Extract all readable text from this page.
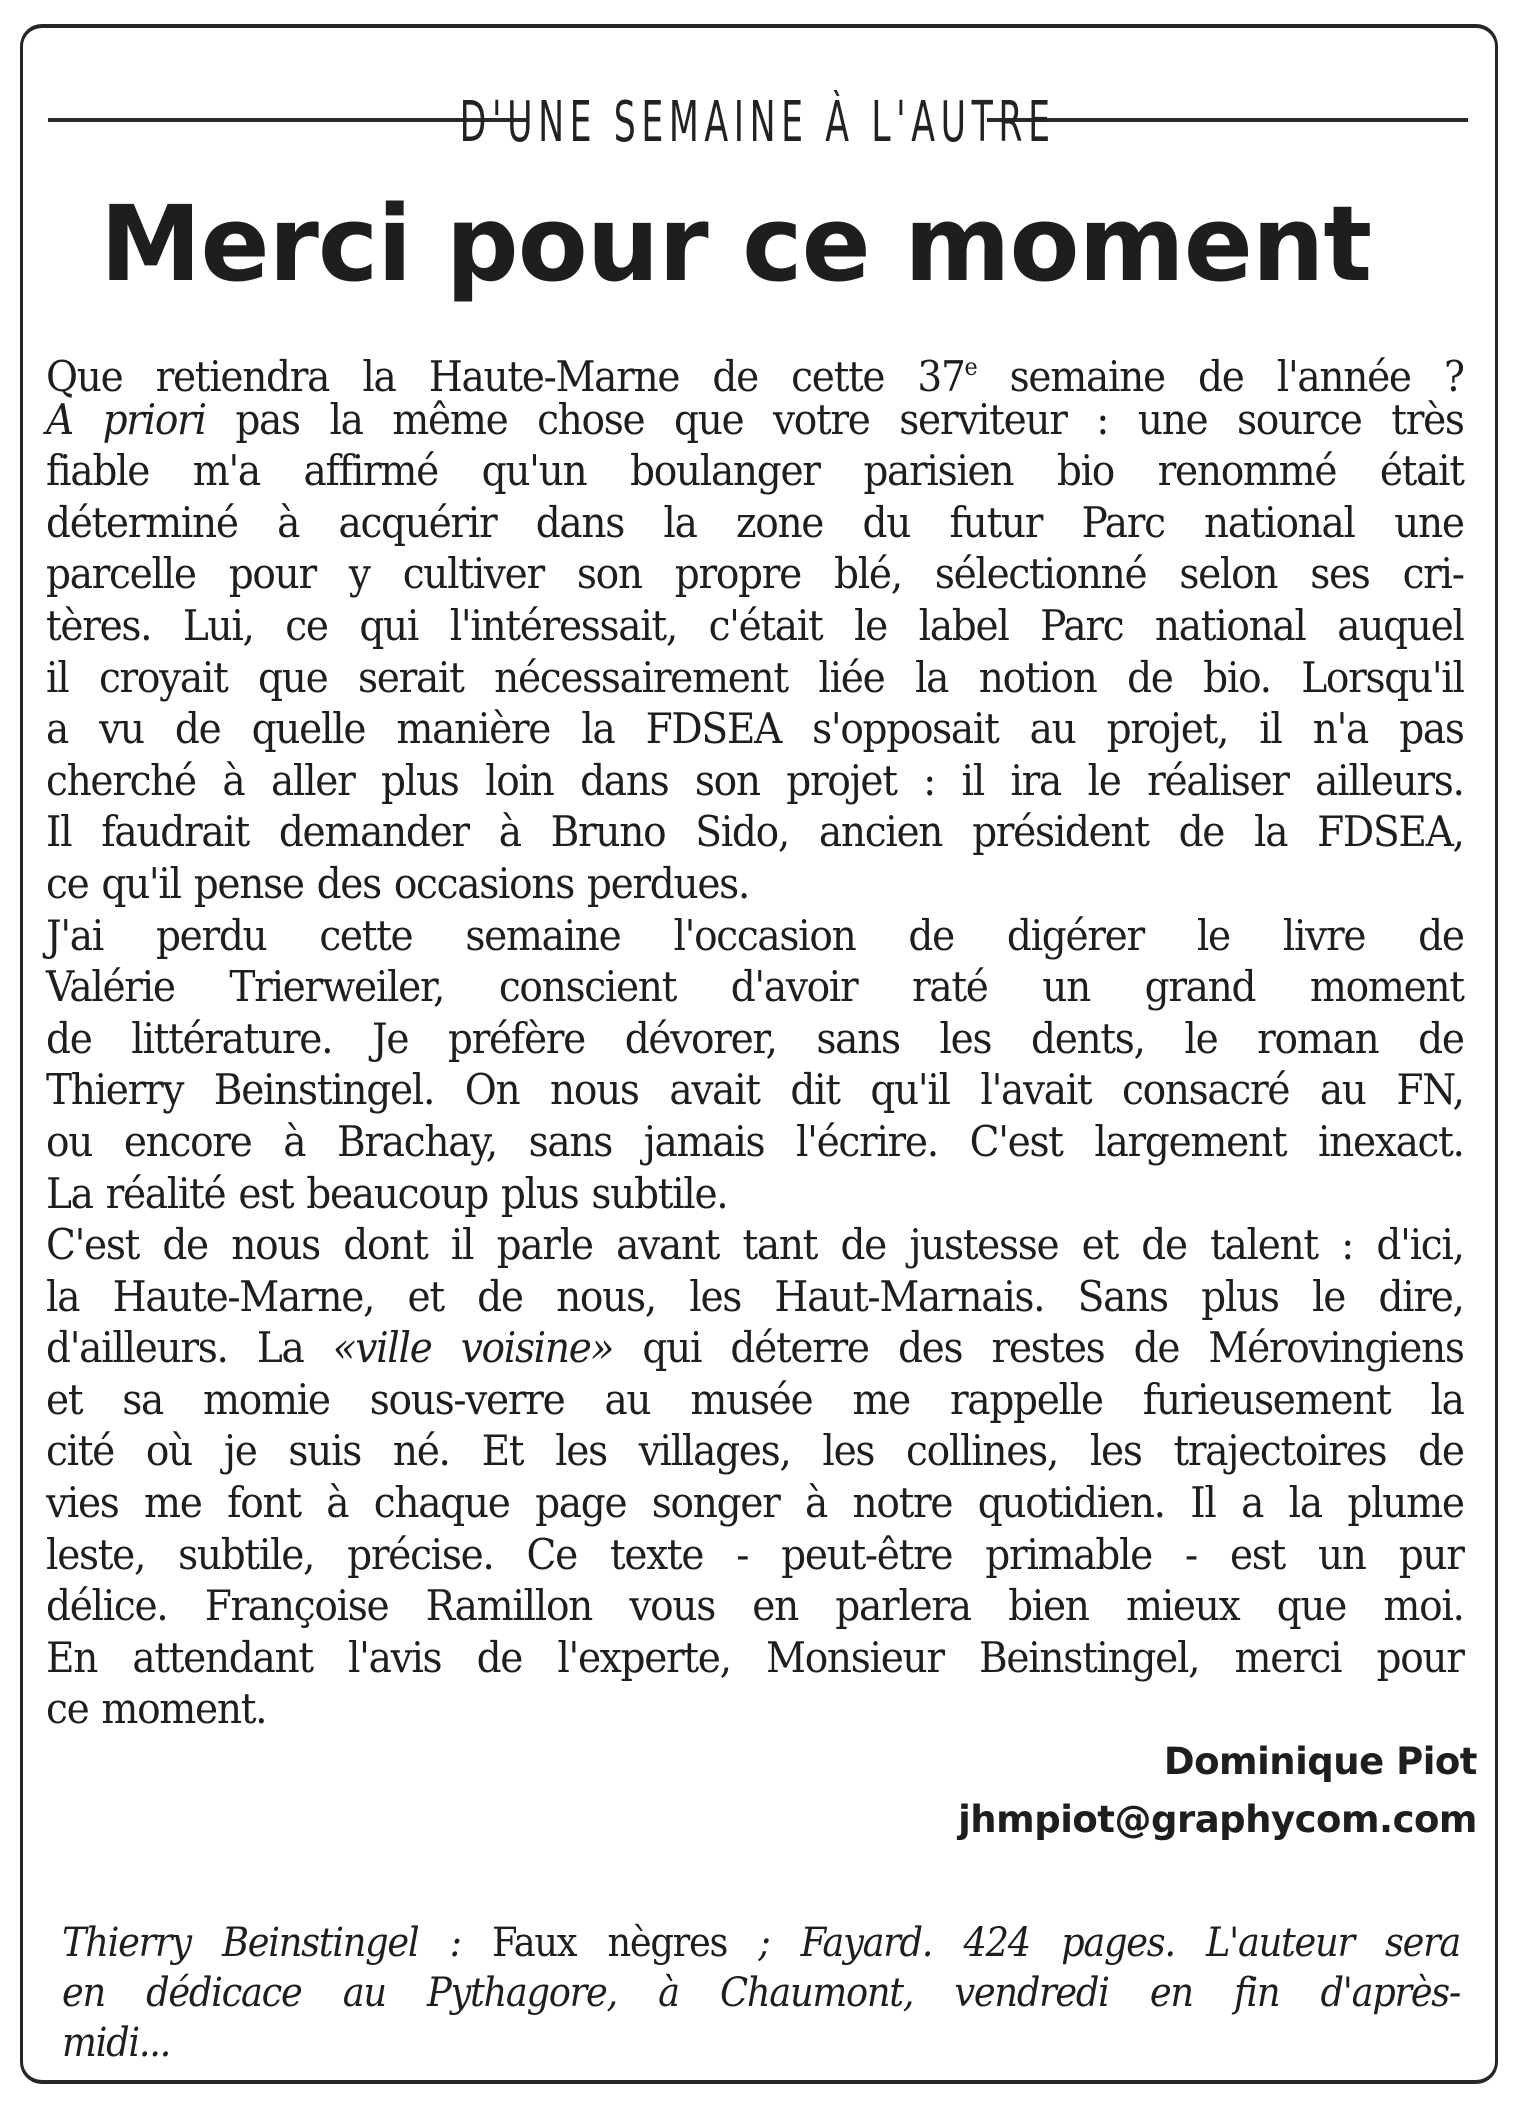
D'UNE SEMAINE À L'AUTRE
Merci pour ce moment
Que retiendra la Haute-Marne de cette 37e semaine de l'année ?
A priori pas la même chose que votre serviteur : une source très
fiable m'a affirmé qu'un boulanger parisien bio renommé était
déterminé à acquérir dans la zone du futur Parc national une
parcelle pour y cultiver son propre blé, sélectionné selon ses cri-
tères. Lui, ce qui l'intéressait, c'était le label Parc national auquel
il croyait que serait nécessairement liée la notion de bio. Lorsqu'il
a vu de quelle manière la FDSEA s'opposait au projet, il n'a pas
cherché à aller plus loin dans son projet : il ira le réaliser ailleurs.
Il faudrait demander à Bruno Sido, ancien président de la FDSEA,
ce qu'il pense des occasions perdues.
J'ai perdu cette semaine l'occasion de digérer le livre de
Valérie Trierweiler, conscient d'avoir raté un grand moment
de littérature. Je préfère dévorer, sans les dents, le roman de
Thierry Beinstingel. On nous avait dit qu'il l'avait consacré au FN,
ou encore à Brachay, sans jamais l'écrire. C'est largement inexact.
La réalité est beaucoup plus subtile.
C'est de nous dont il parle avant tant de justesse et de talent : d'ici,
la Haute-Marne, et de nous, les Haut-Marnais. Sans plus le dire,
d'ailleurs. La «ville voisine» qui déterre des restes de Mérovingiens
et sa momie sous-verre au musée me rappelle furieusement la
cité où je suis né. Et les villages, les collines, les trajectoires de
vies me font à chaque page songer à notre quotidien. Il a la plume
leste, subtile, précise. Ce texte - peut-être primable - est un pur
délice. Françoise Ramillon vous en parlera bien mieux que moi.
En attendant l'avis de l'experte, Monsieur Beinstingel, merci pour
ce moment.
Dominique Piot
jhmpiot@graphycom.com
Thierry Beinstingel : Faux nègres ; Fayard. 424 pages. L'auteur sera
en dédicace au Pythagore, à Chaumont, vendredi en fin d'après-
midi...
